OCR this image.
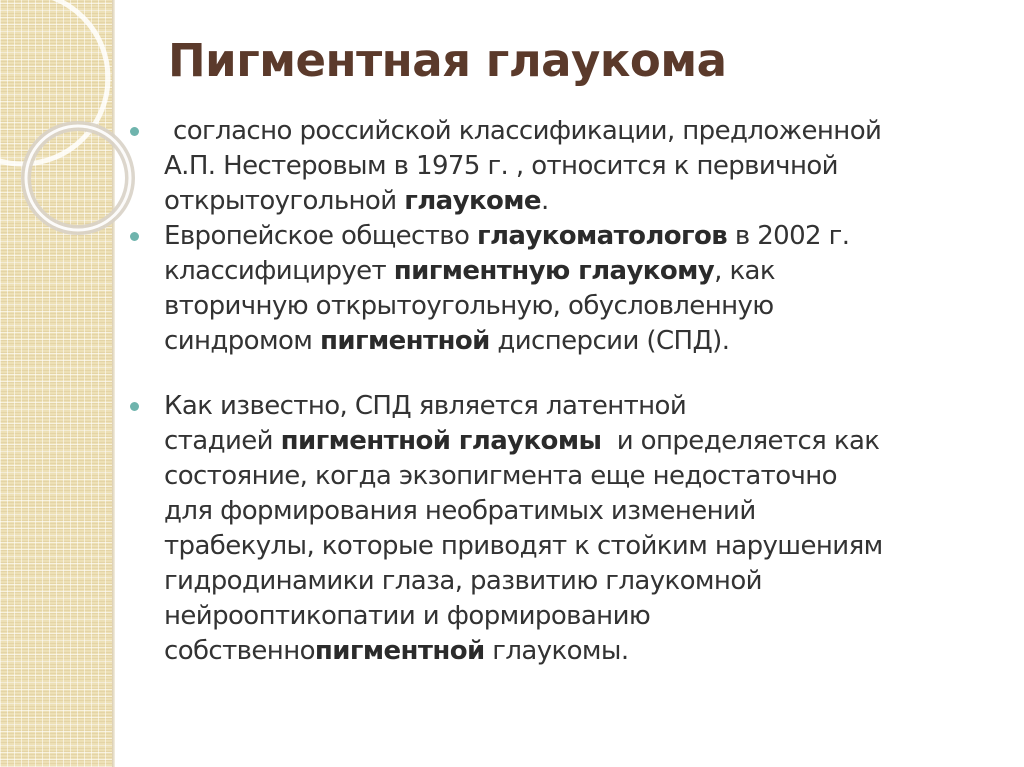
Пигментная глаукома
согласно российской классификации, предложенной
А.П. Нестеровым в 1975 г. , относится к первичной
открытоугольной глаукоме.
Европейское общество глаукоматологов в 2002 г.
классифицирует пигментную глаукому, как
вторичную открытоугольную, обусловленную
синдромом пигментной дисперсии (СПД).
Как известно, СПД является латентной
стадией пигментной глаукомы  и определяется как
состояние, когда экзопигмента еще недостаточно
для формирования необратимых изменений
трабекулы, которые приводят к стойким нарушениям
гидродинамики глаза, развитию глаукомной
нейрооптикопатии и формированию
собственнопигментной глаукомы.
